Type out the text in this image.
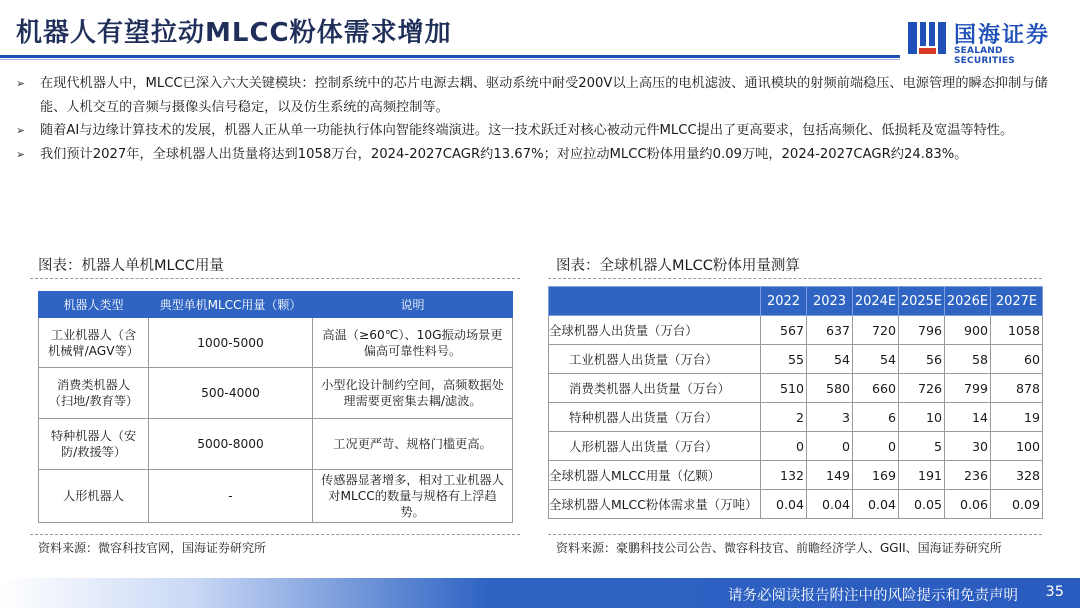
机器人有望拉动MLCC粉体需求增加	国海证券
SEALAND SECURITIES
➢ 在现代机器人中，MLCC已深入六大关键模块：控制系统中的芯片电源去耦、驱动系统中耐受200V以上高压的电机滤波、通讯模块的射频前端稳压、电源管理的瞬态抑制与储能、人机交互的音频与摄像头信号稳定，以及仿生系统的高频控制等。
➢ 随着AI与边缘计算技术的发展，机器人正从单一功能执行体向智能终端演进。这一技术跃迁对核心被动元件MLCC提出了更高要求，包括高频化、低损耗及宽温等特性。
➢ 我们预计2027年，全球机器人出货量将达到1058万台，2024-2027CAGR约13.67%；对应拉动MLCC粉体用量约0.09万吨，2024-2027CAGR约24.83%。
图表：机器人单机MLCC用量
机器人类型	典型单机MLCC用量（颗）	说明
工业机器人（含机械臂/AGV等）	1000-5000	高温（≥60℃）、10G振动场景更偏高可靠性料号。
消费类机器人（扫地/教育等）	500-4000	小型化设计制约空间，高频数据处理需要更密集去耦/滤波。
特种机器人（安防/救援等）	5000-8000	工况更严苛、规格门槛更高。
人形机器人	-	传感器显著增多，相对工业机器人对MLCC的数量与规格有上浮趋势。
资料来源：微容科技官网，国海证券研究所
图表：全球机器人MLCC粉体用量测算
	2022	2023	2024E	2025E	2026E	2027E
全球机器人出货量（万台）	567	637	720	796	900	1058
工业机器人出货量（万台）	55	54	54	56	58	60
消费类机器人出货量（万台）	510	580	660	726	799	878
特种机器人出货量（万台）	2	3	6	10	14	19
人形机器人出货量（万台）	0	0	0	5	30	100
全球机器人MLCC用量（亿颗）	132	149	169	191	236	328
全球机器人MLCC粉体需求量（万吨）	0.04	0.04	0.04	0.05	0.06	0.09
资料来源：豪鹏科技公司公告、微容科技官、前瞻经济学人、GGII、国海证券研究所
请务必阅读报告附注中的风险提示和免责声明 35
